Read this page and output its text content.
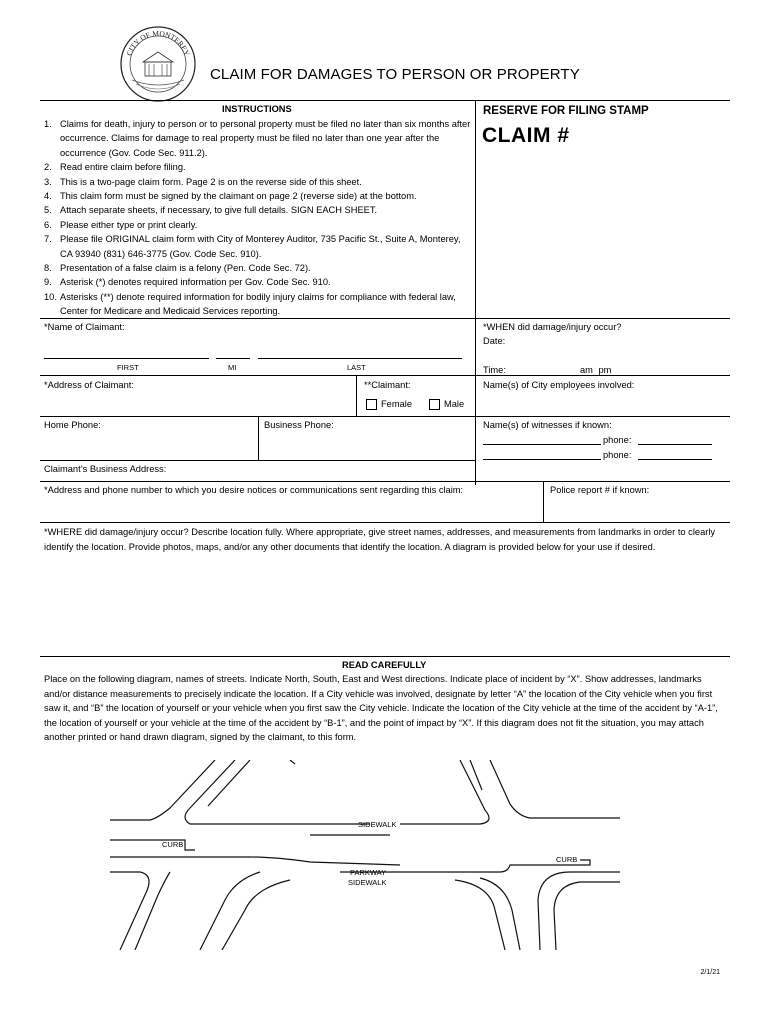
CITY OF MONTEREY
CLAIM FOR DAMAGES TO PERSON OR PROPERTY
INSTRUCTIONS
1. Claims for death, injury to person or to personal property must be filed no later than six months after occurrence. Claims for damage to real property must be filed no later than one year after the occurrence (Gov. Code Sec. 911.2).
2. Read entire claim before filing.
3. This is a two-page claim form. Page 2 is on the reverse side of this sheet.
4. This claim form must be signed by the claimant on page 2 (reverse side) at the bottom.
5. Attach separate sheets, if necessary, to give full details. SIGN EACH SHEET.
6. Please either type or print clearly.
7. Please file ORIGINAL claim form with City of Monterey Auditor, 735 Pacific St., Suite A, Monterey, CA 93940 (831) 646-3775 (Gov. Code Sec. 910).
8. Presentation of a false claim is a felony (Pen. Code Sec. 72).
9. Asterisk (*) denotes required information per Gov. Code Sec. 910.
10. Asterisks (**) denote required information for bodily injury claims for compliance with federal law, Center for Medicare and Medicaid Services reporting.
RESERVE FOR FILING STAMP
CLAIM #
*Name of Claimant:
FIRST	MI	LAST
*WHEN did damage/injury occur?
Date:
Time:	am pm
*Address of Claimant:	**Claimant:
Female	Male
Name(s) of City employees involved:
Home Phone:	Business Phone:	Name(s) of witnesses if known:
phone:
phone:
Claimant’s Business Address:
*Address and phone number to which you desire notices or communications sent regarding this claim:	Police report # if known:
*WHERE did damage/injury occur? Describe location fully. Where appropriate, give street names, addresses, and measurements from landmarks in order to clearly identify the location. Provide photos, maps, and/or any other documents that identify the location. A diagram is provided below for your use if desired.
READ CAREFULLY
Place on the following diagram, names of streets. Indicate North, South, East and West directions. Indicate place of incident by “X”. Show addresses, landmarks and/or distance measurements to precisely indicate the location. If a City vehicle was involved, designate by letter “A” the location of the City vehicle when you first saw it, and “B” the location of yourself or your vehicle when you first saw the City vehicle. Indicate the location of the City vehicle at the time of the accident by “A-1”, the location of yourself or your vehicle at the time of the accident by “B-1”, and the point of impact by “X”. If this diagram does not fit the situation, you may attach another printed or hand drawn diagram, signed by the claimant, to this form.
SIDEWALK
CURB
CURB
PARKWAY
SIDEWALK
2/1/21
